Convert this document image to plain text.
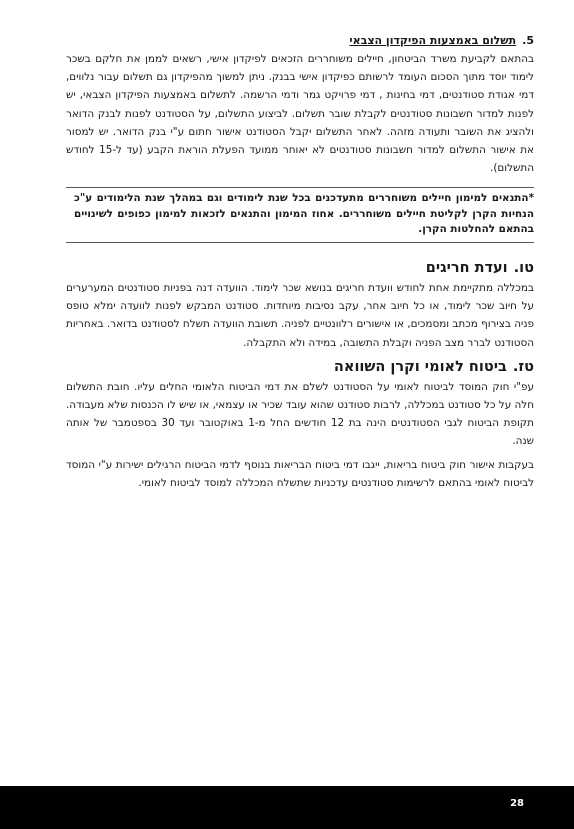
5.
תשלום באמצעות הפיקדון הצבאי

בהתאם לקביעת משרד הביטחון, חיילים משוחררים הזכאים לפיקדון אישי, רשאים לממן את חלקם בשכר לימוד יוסד מתוך הסכום העומד לרשותם כפיקדון אישי בבנק. ניתן למשוך מהפיקדון גם תשלום עבור נלווים, דמי אגודת סטודנטים, דמי בחינות , דמי פרויקט גמר ודמי הרשמה. לתשלום באמצעות הפיקדון הצבאי, יש לפנות למדור חשבונות סטודנטים לקבלת שובר תשלום. לביצוע התשלום, על הסטודנט לפנות לבנק הדואר ולהציג את השובר ותעודה מזהה. לאחר התשלום יקבל הסטודנט אישור חתום ע"י בנק הדואר. יש למסור את אישור התשלום למדור חשבונות סטודנטים לא יאוחר ממועד הפעלת הוראת הקבע (עד ל-15 לחודש התשלום).

*התנאים למימון חיילים משוחררים מתעדכנים בכל שנת לימודים וגם במהלך שנת הלימודים ע"כ הנחיות הקרן לקליטת חיילים משוחררים. אחוז המימון והתנאים לזכאות למימון כפופים לשינויים בהתאם להחלטות הקרן.

טו.
ועדת חריגים

במכללה מתקיימת אחת לחודש וועדת חריגים בנושא שכר לימוד. הוועדה דנה בפניות סטודנטים המערערים על חיוב שכר לימוד, או כל חיוב אחר, עקב נסיבות מיוחדות. סטודנט המבקש לפנות לוועדה ימלא טופס פניה בצירוף מכתב ומסמכים, או אישורים רלוונטיים לפניה. תשובת הוועדה תשלח לסטודנט בדואר. באחריות הסטודנט לברר מצב הפניה וקבלת התשובה, במידה ולא התקבלה.

טז.
ביטוח לאומי וקרן השוואה

עפ"י חוק המוסד לביטוח לאומי על הסטודנט לשלם את דמי הביטוח הלאומי החלים עליו. חובת התשלום חלה על כל סטודנט במכללה, לרבות סטודנט שהוא עובד שכיר או עצמאי, או שיש לו הכנסות שלא מעבודה. תקופת הביטוח לגבי הסטודנטים הינה בת 12 חודשים החל מ-1 באוקטובר ועד 30 בספטמבר של אותה שנה.

בעקבות אישור חוק ביטוח בריאות, ייגבו דמי ביטוח הבריאות בנוסף לדמי הביטוח הרגילים ישירות ע"י המוסד לביטוח לאומי בהתאם לרשימות סטודנטים עדכניות שתשלח המכללה למוסד לביטוח לאומי.

28
